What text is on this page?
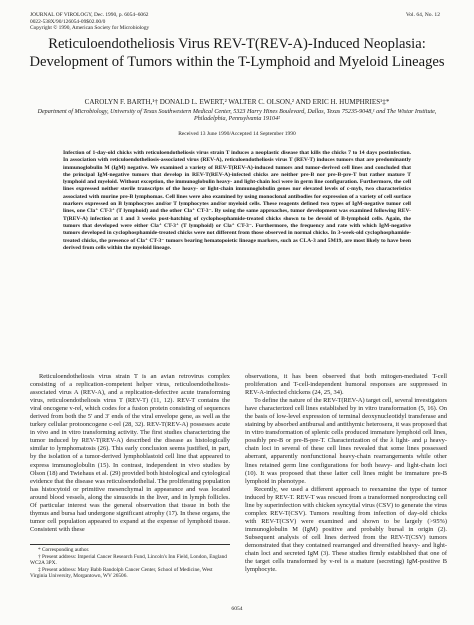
JOURNAL OF VIROLOGY, Dec. 1990, p. 6054–6062
0022-538X/90/126054-09$02.00/0
Copyright © 1990, American Society for Microbiology
Vol. 64, No. 12
Reticuloendotheliosis Virus REV-T(REV-A)-Induced Neoplasia: Development of Tumors within the T-Lymphoid and Myeloid Lineages
CAROLYN F. BARTH,¹† DONALD L. EWERT,² WALTER C. OLSON,² AND ERIC H. HUMPHRIES¹‡*
Department of Microbiology, University of Texas Southwestern Medical Center, 5323 Harry Hines Boulevard, Dallas, Texas 75235-9048,¹ and The Wistar Institute, Philadelphia, Pennsylvania 19104²
Received 13 June 1990/Accepted 14 September 1990

Infection of 1-day-old chicks with reticuloendotheliosis virus strain T induces a neoplastic disease that kills the chicks 7 to 14 days postinfection. In association with reticuloendotheliosis-associated virus (REV-A), reticuloendotheliosis virus T (REV-T) induces tumors that are predominantly immunoglobulin M (IgM) negative. We examined a variety of REV-T(REV-A)-induced tumors and tumor-derived cell lines and concluded that the principal IgM-negative tumors that develop in REV-T(REV-A)-infected chicks are neither pre-B nor pre-B-pre-T but rather mature T lymphoid and myeloid. Without exception, the immunoglobulin heavy- and light-chain loci were in germ line configuration. Furthermore, the cell lines expressed neither sterile transcripts of the heavy- or light-chain immunoglobulin genes nor elevated levels of c-myb, two characteristics associated with murine pre-B lymphomas. Cell lines were also examined by using monoclonal antibodies for expression of a variety of cell surface markers expressed on B lymphocytes and/or T lymphocytes and/or myeloid cells. These reagents defined two types of IgM-negative tumor cell lines, one Cla⁺ CT-3⁺ (T lymphoid) and the other Cla⁺ CT-3⁻. By using the same approaches, tumor development was examined following REV-T(REV-A) infection at 1 and 3 weeks post-hatching of cyclophosphamide-treated chicks shown to be devoid of B-lymphoid cells. Again, the tumors that developed were either Cla⁺ CT-3⁺ (T lymphoid) or Cla⁺ CT-3⁻. Furthermore, the frequency and rate with which IgM-negative tumors developed in cyclophosphamide-treated chicks were not different from those observed in normal chicks. In 3-week-old cyclophosphamide-treated chicks, the presence of Cla⁺ CT-3⁻ tumors bearing hematopoietic lineage markers, such as CLA-3 and 5M19, are most likely to have been derived from cells within the myeloid lineage.

Reticuloendotheliosis virus strain T is an avian retrovirus complex consisting of a replication-competent helper virus, reticuloendotheliosis-associated virus A (REV-A), and a replication-defective acute transforming virus, reticuloendotheliosis virus T (REV-T) (11, 12). REV-T contains the viral oncogene v-rel, which codes for a fusion protein consisting of sequences derived from both the 5′ and 3′ ends of the viral envelope gene, as well as the turkey cellular protooncogene c-rel (28, 32). REV-T(REV-A) possesses acute in vivo and in vitro transforming activity. The first studies characterizing the tumor induced by REV-T(REV-A) described the disease as histologically similar to lymphomatosis (26). This early conclusion seems justified, in part, by the isolation of a tumor-derived lymphoblastoid cell line that appeared to express immunoglobulin (15). In contrast, independent in vivo studies by Olson (18) and Twiehaus et al. (29) provided both histological and cytological evidence that the disease was reticuloendothelial. The proliferating population has histocytoid or primitive mesenchymal in appearance and was located around blood vessels, along the sinusoids in the liver, and in lymph follicles. Of particular interest was the general observation that tissue in both the thymus and bursa had undergone significant atrophy (17). In these organs, the tumor cell population appeared to expand at the expense of lymphoid tissue. Consistent with these

observations, it has been observed that both mitogen-mediated T-cell proliferation and T-cell-independent humoral responses are suppressed in REV-A-infected chickens (24, 25, 34).

To define the nature of the REV-T(REV-A) target cell, several investigators have characterized cell lines established by in vitro transformation (5, 16). On the basis of low-level expression of terminal deoxynucleotidyl transferase and staining by absorbed antibursal and antithymic heterosera, it was proposed that in vitro transformation of splenic cells produced immature lymphoid cell lines, possibly pre-B or pre-B-pre-T. Characterization of the λ light- and μ heavy-chain loci in several of these cell lines revealed that some lines possessed aberrant, apparently nonfunctional heavy-chain rearrangements while other lines retained germ line configurations for both heavy- and light-chain loci (10). It was proposed that these latter cell lines might be immature pre-B lymphoid in phenotype.

Recently, we used a different approach to reexamine the type of tumor induced by REV-T. REV-T was rescued from a transformed nonproducing cell line by superinfection with chicken syncytial virus (CSV) to generate the virus complex REV-T(CSV). Tumors resulting from infection of day-old chicks with REV-T(CSV) were examined and shown to be largely (>95%) immunoglobulin M (IgM) positive and probably bursal in origin (2). Subsequent analysis of cell lines derived from the REV-T(CSV) tumors demonstrated that they contained rearranged and diversified heavy- and light-chain loci and secreted IgM (3). These studies firmly established that one of the target cells transformed by v-rel is a mature (secreting) IgM-positive B lymphocyte.

* Corresponding author.
† Present address: Imperial Cancer Research Fund, Lincoln's Inn Field, London, England WC2A 3PX.
‡ Present address: Mary Babb Randolph Cancer Center, School of Medicine, West Virginia University, Morgantown, WV 26506.
6054
